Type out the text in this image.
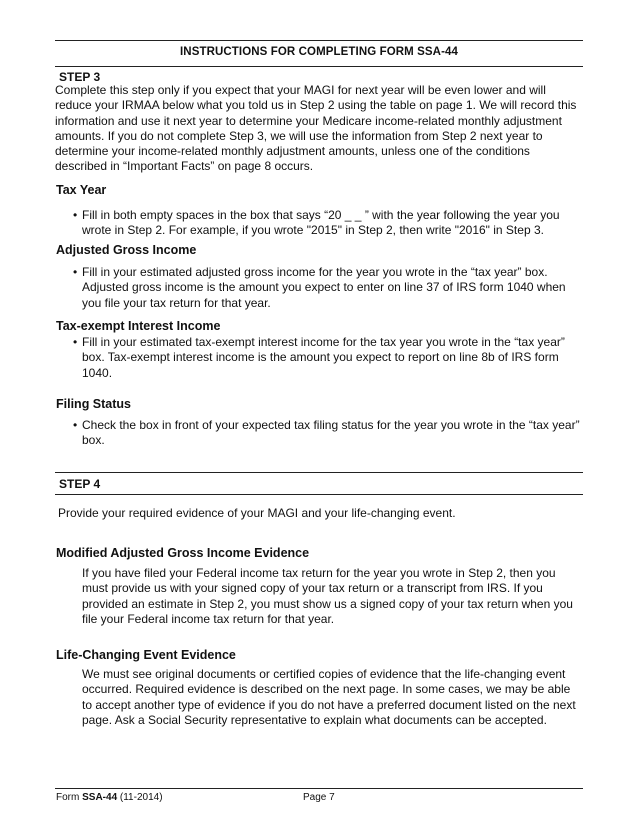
INSTRUCTIONS FOR COMPLETING FORM SSA-44
STEP 3

Complete this step only if you expect that your MAGI for next year will be even lower and will reduce your IRMAA below what you told us in Step 2 using the table on page 1. We will record this information and use it next year to determine your Medicare income-related monthly adjustment amounts. If you do not complete Step 3, we will use the information from Step 2 next year to determine your income-related monthly adjustment amounts, unless one of the conditions described in “Important Facts” on page 8 occurs.

Tax Year

• Fill in both empty spaces in the box that says “20 _ _ ” with the year following the year you wrote in Step 2. For example, if you wrote "2015" in Step 2, then write "2016" in Step 3.

Adjusted Gross Income

• Fill in your estimated adjusted gross income for the year you wrote in the “tax year” box. Adjusted gross income is the amount you expect to enter on line 37 of IRS form 1040 when you file your tax return for that year.

Tax-exempt Interest Income

• Fill in your estimated tax-exempt interest income for the tax year you wrote in the “tax year” box. Tax-exempt interest income is the amount you expect to report on line 8b of IRS form 1040.

Filing Status

• Check the box in front of your expected tax filing status for the year you wrote in the “tax year” box.

STEP 4

Provide your required evidence of your MAGI and your life-changing event.

Modified Adjusted Gross Income Evidence

If you have filed your Federal income tax return for the year you wrote in Step 2, then you must provide us with your signed copy of your tax return or a transcript from IRS. If you provided an estimate in Step 2, you must show us a signed copy of your tax return when you file your Federal income tax return for that year.

Life-Changing Event Evidence

We must see original documents or certified copies of evidence that the life-changing event occurred. Required evidence is described on the next page. In some cases, we may be able to accept another type of evidence if you do not have a preferred document listed on the next page. Ask a Social Security representative to explain what documents can be accepted.

Form SSA-44 (11-2014)	Page 7
